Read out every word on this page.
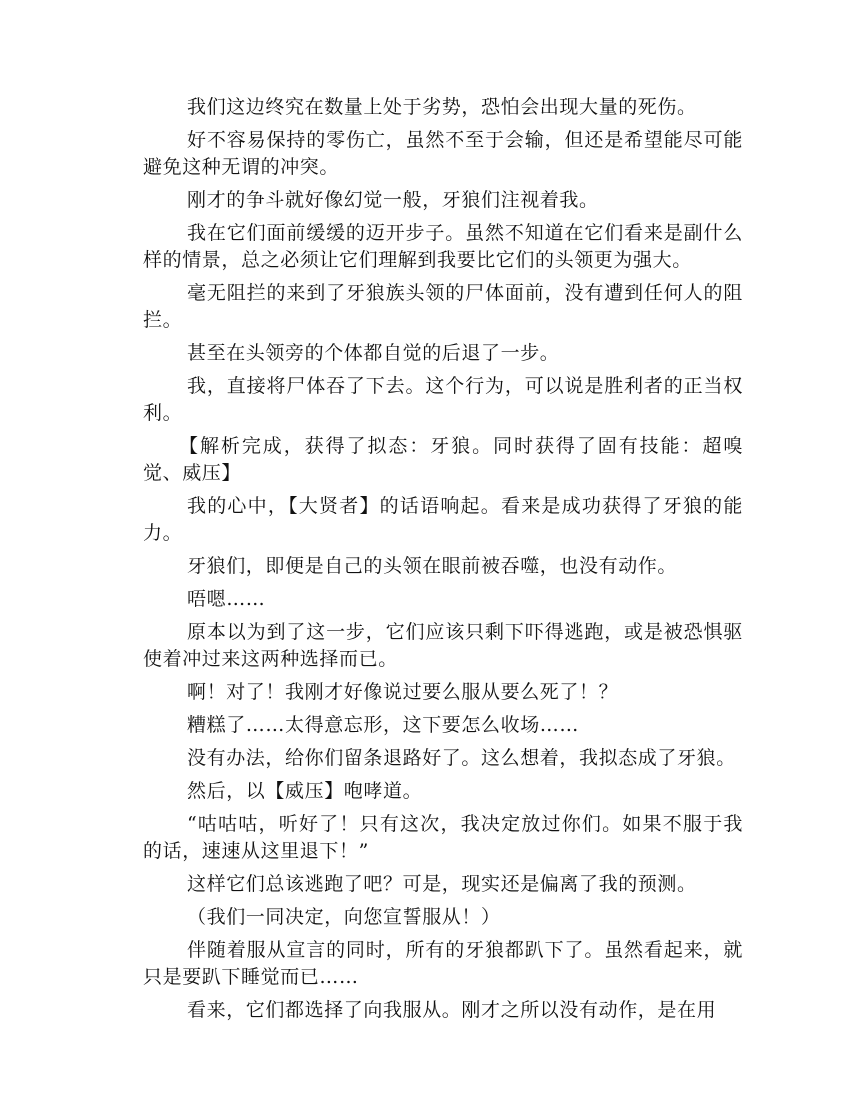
我们这边终究在数量上处于劣势，恐怕会出现大量的死伤。

好不容易保持的零伤亡，虽然不至于会输，但还是希望能尽可能避免这种无谓的冲突。

刚才的争斗就好像幻觉一般，牙狼们注视着我。

我在它们面前缓缓的迈开步子。虽然不知道在它们看来是副什么样的情景，总之必须让它们理解到我要比它们的头领更为强大。

毫无阻拦的来到了牙狼族头领的尸体面前，没有遭到任何人的阻拦。

甚至在头领旁的个体都自觉的后退了一步。

我，直接将尸体吞了下去。这个行为，可以说是胜利者的正当权利。

【解析完成，获得了拟态：牙狼。同时获得了固有技能：超嗅觉、威压】

我的心中，【大贤者】的话语响起。看来是成功获得了牙狼的能力。

牙狼们，即便是自己的头领在眼前被吞噬，也没有动作。

唔嗯……

原本以为到了这一步，它们应该只剩下吓得逃跑，或是被恐惧驱使着冲过来这两种选择而已。

啊！对了！我刚才好像说过要么服从要么死了！？

糟糕了……太得意忘形，这下要怎么收场……

没有办法，给你们留条退路好了。这么想着，我拟态成了牙狼。

然后，以【威压】咆哮道。

“咕咕咕，听好了！只有这次，我决定放过你们。如果不服于我的话，速速从这里退下！”

这样它们总该逃跑了吧？可是，现实还是偏离了我的预测。

（我们一同决定，向您宣誓服从！）

伴随着服从宣言的同时，所有的牙狼都趴下了。虽然看起来，就只是要趴下睡觉而已……

看来，它们都选择了向我服从。刚才之所以没有动作，是在用
